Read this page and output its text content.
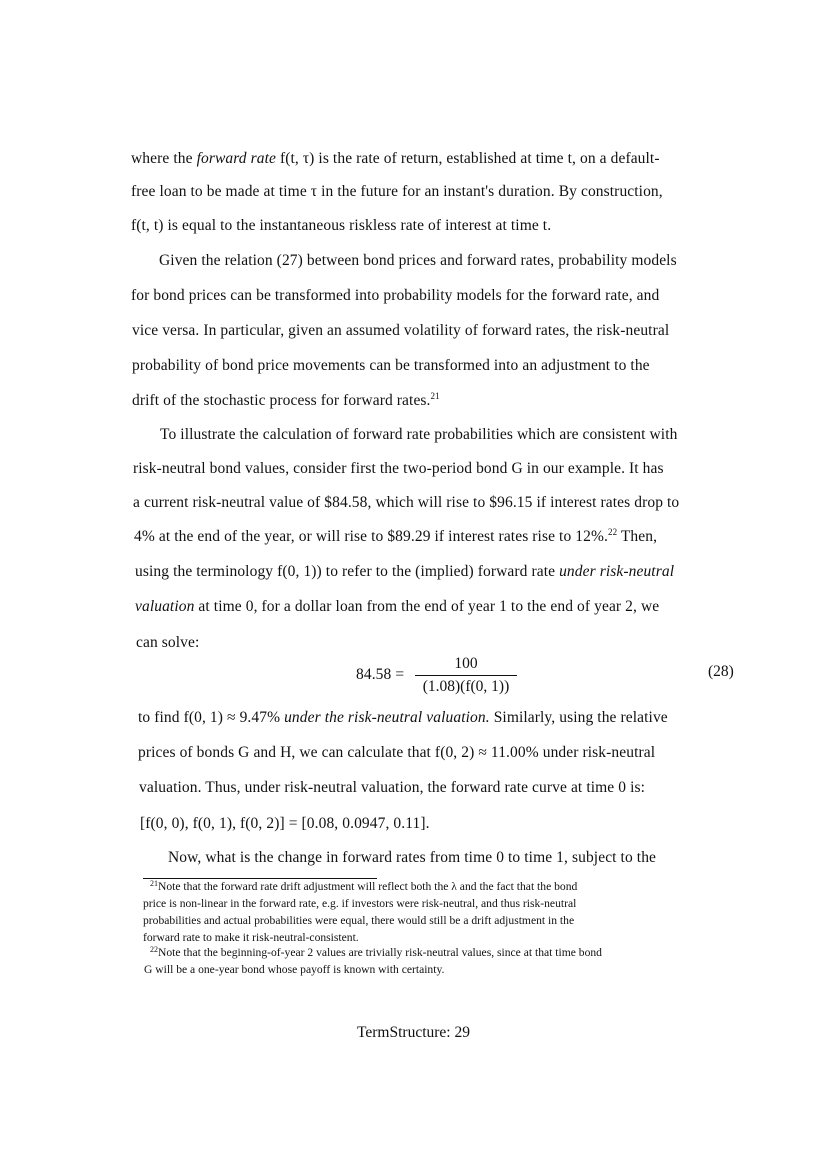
where the forward rate f(t, τ) is the rate of return, established at time t, on a default-
free loan to be made at time τ in the future for an instant's duration. By construction,
f(t, t) is equal to the instantaneous riskless rate of interest at time t.
Given the relation (27) between bond prices and forward rates, probability models
for bond prices can be transformed into probability models for the forward rate, and
vice versa. In particular, given an assumed volatility of forward rates, the risk-neutral
probability of bond price movements can be transformed into an adjustment to the
drift of the stochastic process for forward rates.$^{21}$
To illustrate the calculation of forward rate probabilities which are consistent with
risk-neutral bond values, consider first the two-period bond G in our example. It has
a current risk-neutral value of $84.58, which will rise to $96.15 if interest rates drop to
4% at the end of the year, or will rise to $89.29 if interest rates rise to 12%.$^{22}$ Then,
using the terminology f(0, 1)) to refer to the (implied) forward rate under risk-neutral
valuation at time 0, for a dollar loan from the end of year 1 to the end of year 2, we
can solve:
84.58 =
100
(1.08)(f(0, 1))
(28)
to find f(0, 1) ≈ 9.47% under the risk-neutral valuation. Similarly, using the relative
prices of bonds G and H, we can calculate that f(0, 2) ≈ 11.00% under risk-neutral
valuation. Thus, under risk-neutral valuation, the forward rate curve at time 0 is:
[f(0, 0), f(0, 1), f(0, 2)] = [0.08, 0.0947, 0.11].
Now, what is the change in forward rates from time 0 to time 1, subject to the
$^{21}$Note that the forward rate drift adjustment will reflect both the λ and the fact that the bond
price is non-linear in the forward rate, e.g. if investors were risk-neutral, and thus risk-neutral
probabilities and actual probabilities were equal, there would still be a drift adjustment in the
forward rate to make it risk-neutral-consistent.
$^{22}$Note that the beginning-of-year 2 values are trivially risk-neutral values, since at that time bond
G will be a one-year bond whose payoff is known with certainty.
TermStructure: 29
